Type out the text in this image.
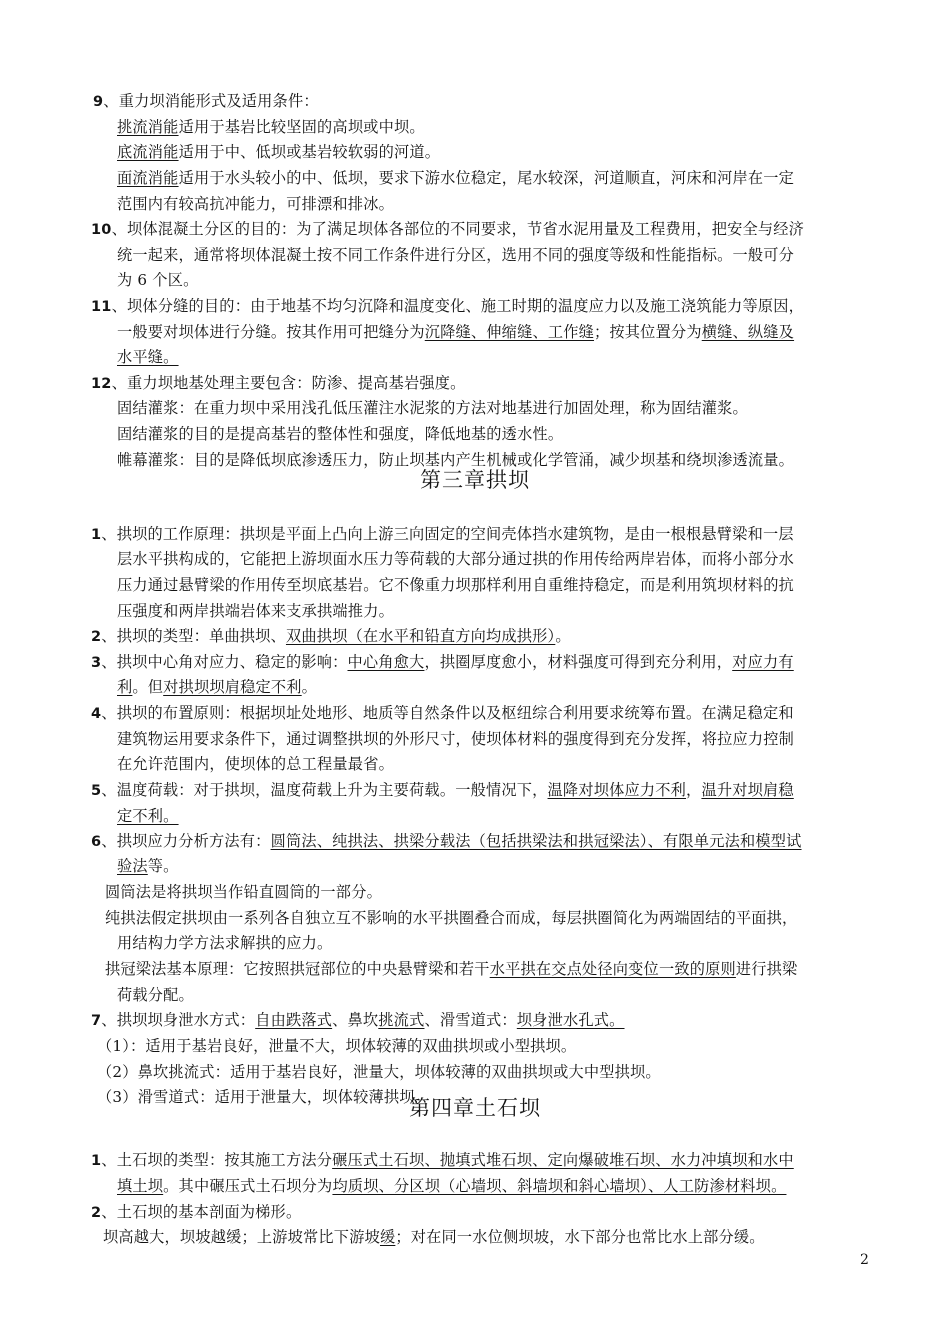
第三章拱坝
第四章土石坝
2
9、重力坝消能形式及适用条件：
挑流消能适用于基岩比较坚固的高坝或中坝。
底流消能适用于中、低坝或基岩较软弱的河道。
面流消能适用于水头较小的中、低坝，要求下游水位稳定，尾水较深，河道顺直，河床和河岸在一定
范围内有较高抗冲能力，可排漂和排冰。
10、坝体混凝土分区的目的：为了满足坝体各部位的不同要求，节省水泥用量及工程费用，把安全与经济
统一起来，通常将坝体混凝土按不同工作条件进行分区，选用不同的强度等级和性能指标。一般可分
为 6 个区。
11、坝体分缝的目的：由于地基不均匀沉降和温度变化、施工时期的温度应力以及施工浇筑能力等原因，
一般要对坝体进行分缝。按其作用可把缝分为沉降缝、伸缩缝、工作缝；按其位置分为横缝、纵缝及
水平缝。
12、重力坝地基处理主要包含：防渗、提高基岩强度。
固结灌浆：在重力坝中采用浅孔低压灌注水泥浆的方法对地基进行加固处理，称为固结灌浆。
固结灌浆的目的是提高基岩的整体性和强度，降低地基的透水性。
帷幕灌浆：目的是降低坝底渗透压力，防止坝基内产生机械或化学管涌，减少坝基和绕坝渗透流量。
1、拱坝的工作原理：拱坝是平面上凸向上游三向固定的空间壳体挡水建筑物，是由一根根悬臂梁和一层
层水平拱构成的，它能把上游坝面水压力等荷载的大部分通过拱的作用传给两岸岩体，而将小部分水
压力通过悬臂梁的作用传至坝底基岩。它不像重力坝那样利用自重维持稳定，而是利用筑坝材料的抗
压强度和两岸拱端岩体来支承拱端推力。
2、拱坝的类型：单曲拱坝、双曲拱坝（在水平和铅直方向均成拱形）。
3、拱坝中心角对应力、稳定的影响：中心角愈大，拱圈厚度愈小，材料强度可得到充分利用，对应力有
利。但对拱坝坝肩稳定不利。
4、拱坝的布置原则：根据坝址处地形、地质等自然条件以及枢纽综合利用要求统筹布置。在满足稳定和
建筑物运用要求条件下，通过调整拱坝的外形尺寸，使坝体材料的强度得到充分发挥，将拉应力控制
在允许范围内，使坝体的总工程量最省。
5、温度荷载：对于拱坝，温度荷载上升为主要荷载。一般情况下，温降对坝体应力不利，温升对坝肩稳
定不利。
6、拱坝应力分析方法有：圆筒法、纯拱法、拱梁分载法（包括拱梁法和拱冠梁法）、有限单元法和模型试
验法等。
圆筒法是将拱坝当作铅直圆筒的一部分。
纯拱法假定拱坝由一系列各自独立互不影响的水平拱圈叠合而成，每层拱圈简化为两端固结的平面拱，
用结构力学方法求解拱的应力。
拱冠梁法基本原理：它按照拱冠部位的中央悬臂梁和若干水平拱在交点处径向变位一致的原则进行拱梁
荷载分配。
7、拱坝坝身泄水方式：自由跌落式、鼻坎挑流式、滑雪道式：坝身泄水孔式。
（1）：适用于基岩良好，泄量不大，坝体较薄的双曲拱坝或小型拱坝。
（2）鼻坎挑流式：适用于基岩良好，泄量大，坝体较薄的双曲拱坝或大中型拱坝。
（3）滑雪道式：适用于泄量大，坝体较薄拱坝。
1、土石坝的类型：按其施工方法分碾压式土石坝、抛填式堆石坝、定向爆破堆石坝、水力冲填坝和水中
填土坝。其中碾压式土石坝分为均质坝、分区坝（心墙坝、斜墙坝和斜心墙坝）、人工防渗材料坝。
2、土石坝的基本剖面为梯形。
坝高越大，坝坡越缓；上游坡常比下游坡缓；对在同一水位侧坝坡，水下部分也常比水上部分缓。
